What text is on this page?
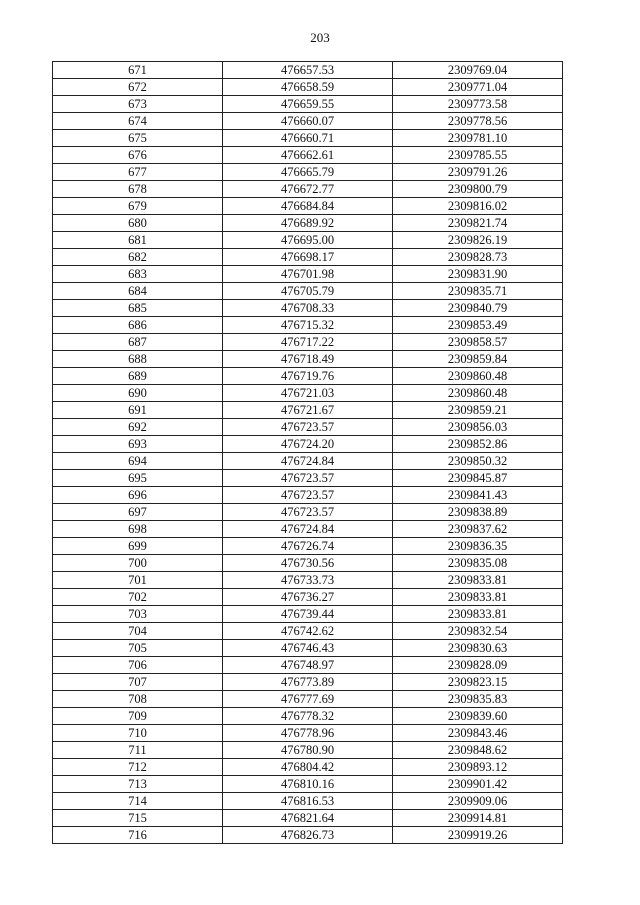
203
671	476657.53	2309769.04
672	476658.59	2309771.04
673	476659.55	2309773.58
674	476660.07	2309778.56
675	476660.71	2309781.10
676	476662.61	2309785.55
677	476665.79	2309791.26
678	476672.77	2309800.79
679	476684.84	2309816.02
680	476689.92	2309821.74
681	476695.00	2309826.19
682	476698.17	2309828.73
683	476701.98	2309831.90
684	476705.79	2309835.71
685	476708.33	2309840.79
686	476715.32	2309853.49
687	476717.22	2309858.57
688	476718.49	2309859.84
689	476719.76	2309860.48
690	476721.03	2309860.48
691	476721.67	2309859.21
692	476723.57	2309856.03
693	476724.20	2309852.86
694	476724.84	2309850.32
695	476723.57	2309845.87
696	476723.57	2309841.43
697	476723.57	2309838.89
698	476724.84	2309837.62
699	476726.74	2309836.35
700	476730.56	2309835.08
701	476733.73	2309833.81
702	476736.27	2309833.81
703	476739.44	2309833.81
704	476742.62	2309832.54
705	476746.43	2309830.63
706	476748.97	2309828.09
707	476773.89	2309823.15
708	476777.69	2309835.83
709	476778.32	2309839.60
710	476778.96	2309843.46
711	476780.90	2309848.62
712	476804.42	2309893.12
713	476810.16	2309901.42
714	476816.53	2309909.06
715	476821.64	2309914.81
716	476826.73	2309919.26
